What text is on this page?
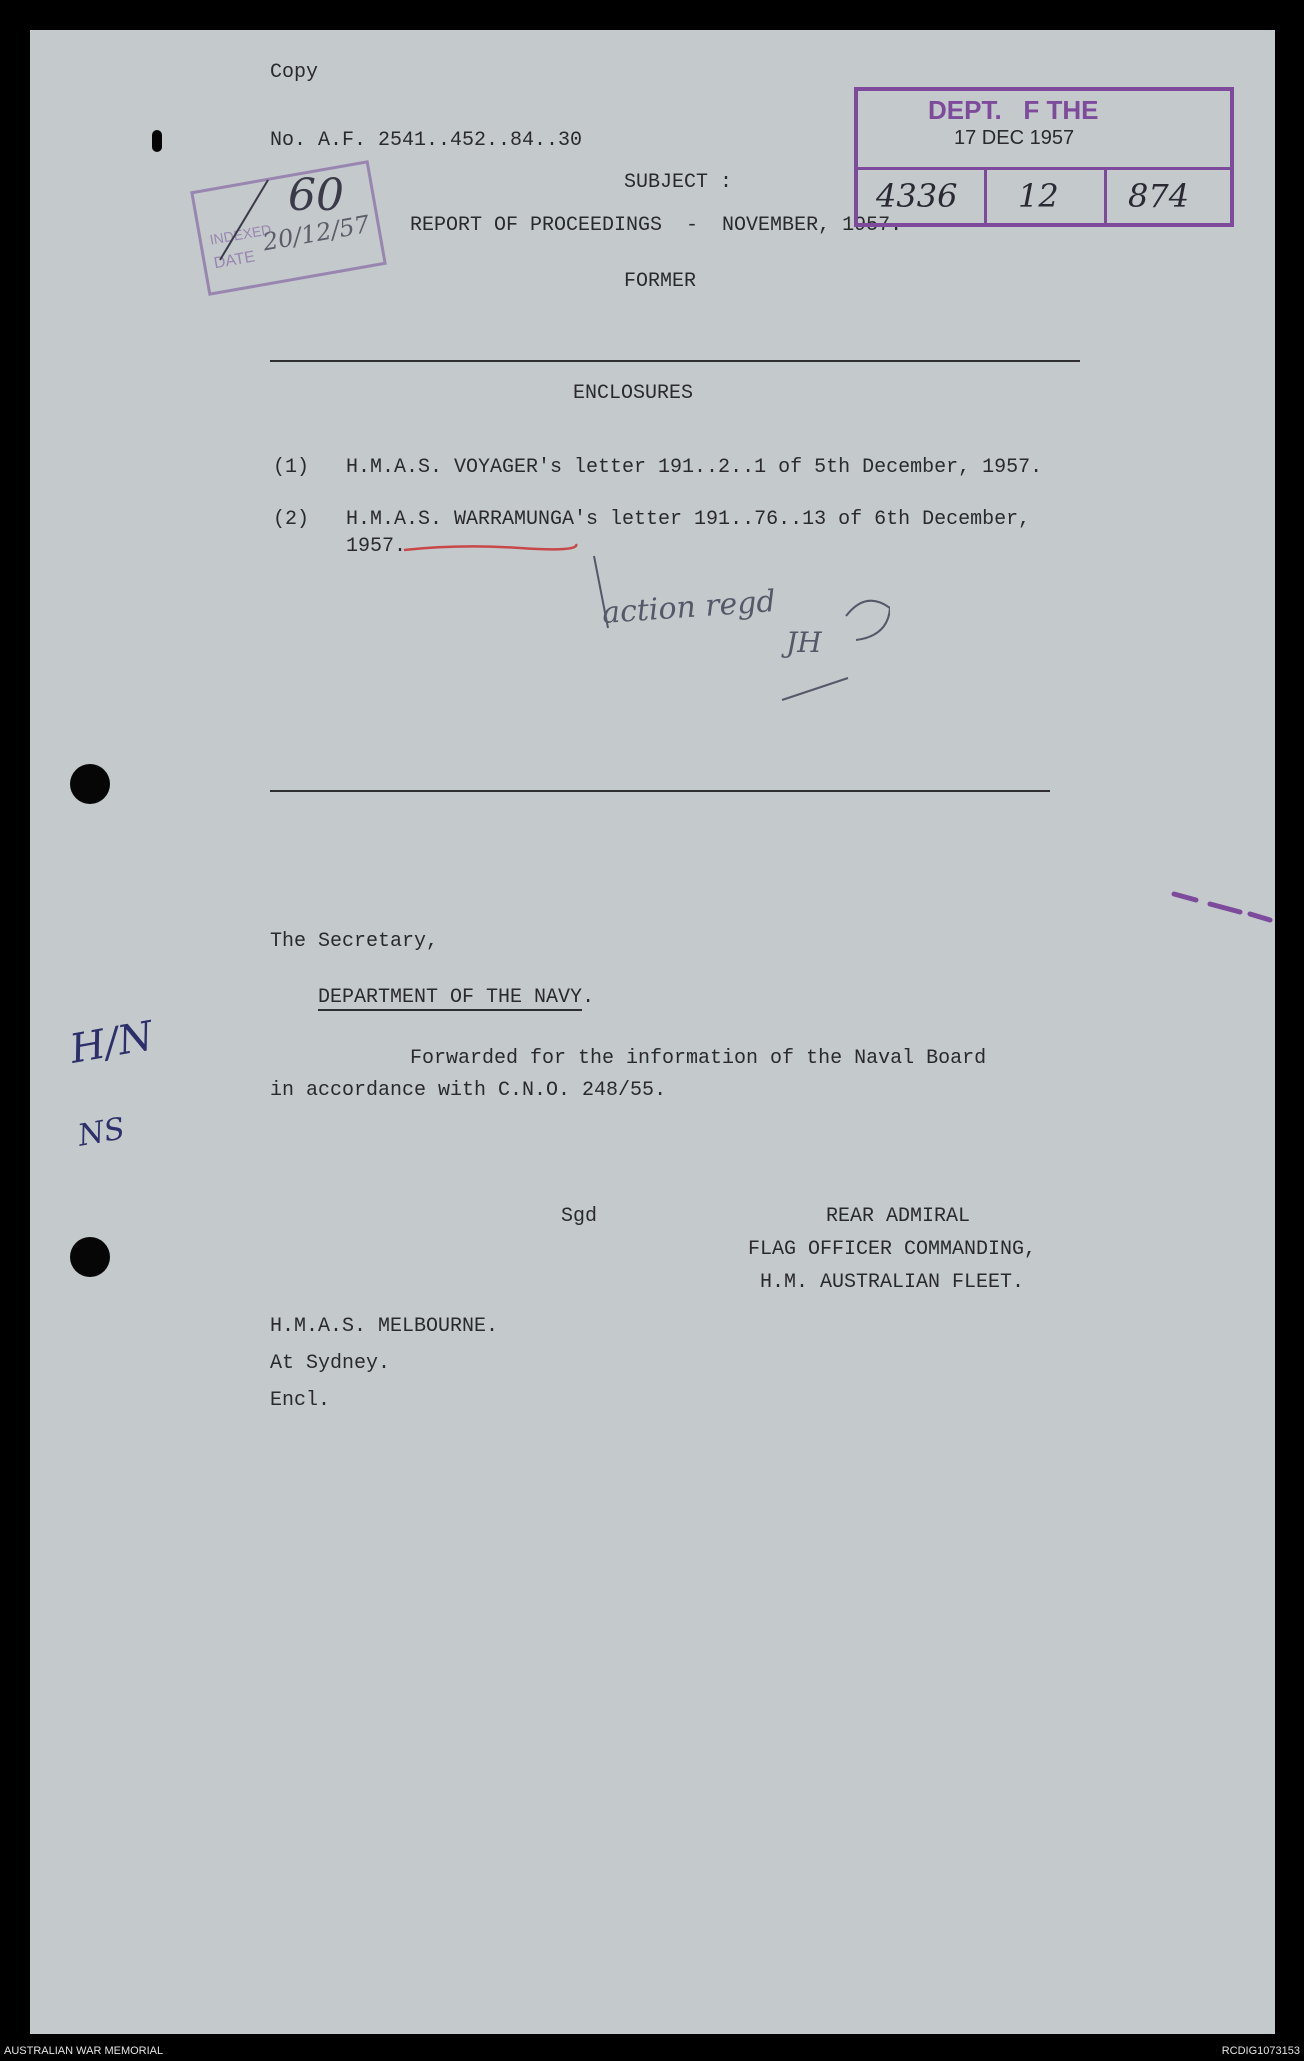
Copy
No. A.F. 2541..452..84..30
SUBJECT :
REPORT OF PROCEEDINGS  -  NOVEMBER, 1957.
FORMER
ENCLOSURES
(1) H.M.A.S. VOYAGER's letter 191..2..1 of 5th December, 1957.
(2) H.M.A.S. WARRAMUNGA's letter 191..76..13 of 6th December,
1957.
The Secretary,

DEPARTMENT OF THE NAVY.

Forwarded for the information of the Naval Board
in accordance with C.N.O. 248/55.
Sgd	REAR ADMIRAL
FLAG OFFICER COMMANDING,
H.M. AUSTRALIAN FLEET.
H.M.A.S. MELBOURNE.
At Sydney.
Encl.
DEPT.   F THE
17 DEC 1957
4336 12 874
INDEXED
DATE
20/12/57
60
action regd
JH
H/N
NS
AUSTRALIAN WAR MEMORIAL	RCDIG1073153
